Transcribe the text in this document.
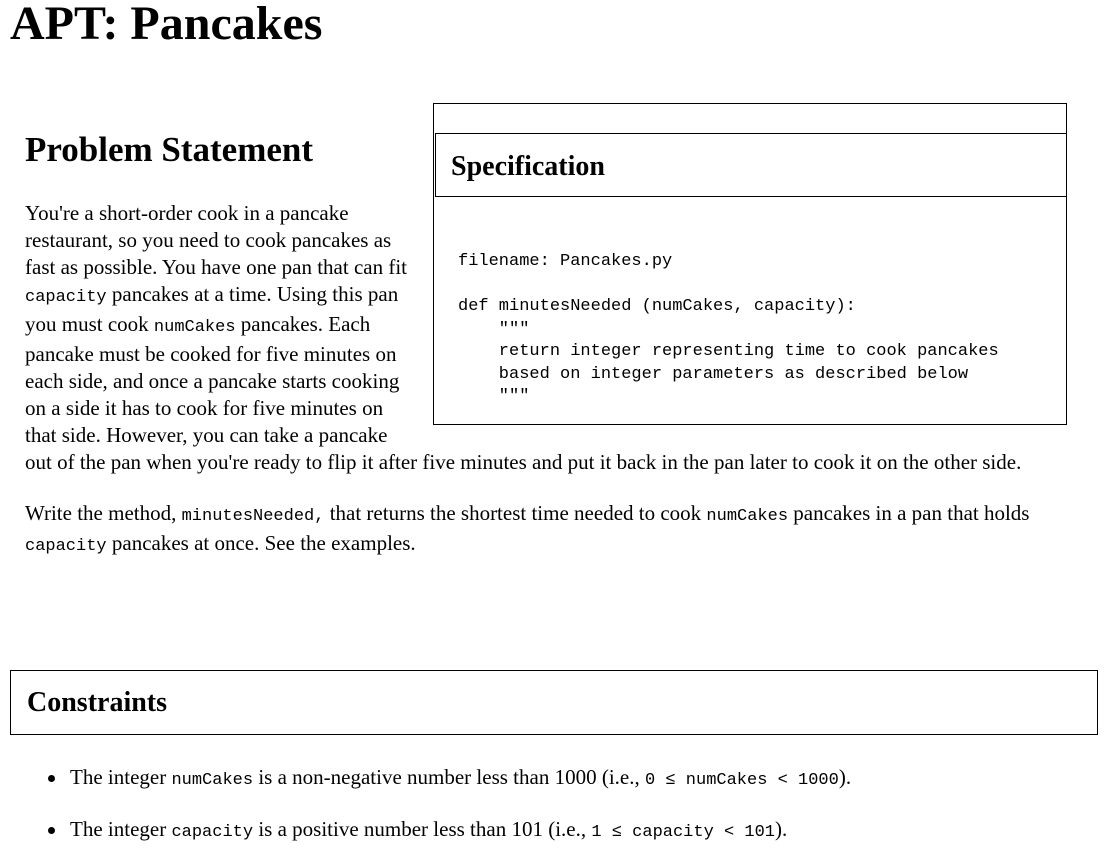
APT: Pancakes
Specification
filename: Pancakes.py

def minutesNeeded (numCakes, capacity):
"""
return integer representing time to cook pancakes
based on integer parameters as described below
"""
Problem Statement

You're a short-order cook in a pancake restaurant, so you need to cook pancakes as fast as possible. You have one pan that can fit capacity pancakes at a time. Using this pan you must cook numCakes pancakes. Each pancake must be cooked for five minutes on each side, and once a pancake starts cooking on a side it has to cook for five minutes on that side. However, you can take a pancake out of the pan when you're ready to flip it after five minutes and put it back in the pan later to cook it on the other side.

Write the method, minutesNeeded, that returns the shortest time needed to cook numCakes pancakes in a pan that holds capacity pancakes at once. See the examples.

Constraints
The integer numCakes is a non-negative number less than 1000 (i.e., 0 ≤ numCakes < 1000).
The integer capacity is a positive number less than 101 (i.e., 1 ≤ capacity < 101).
